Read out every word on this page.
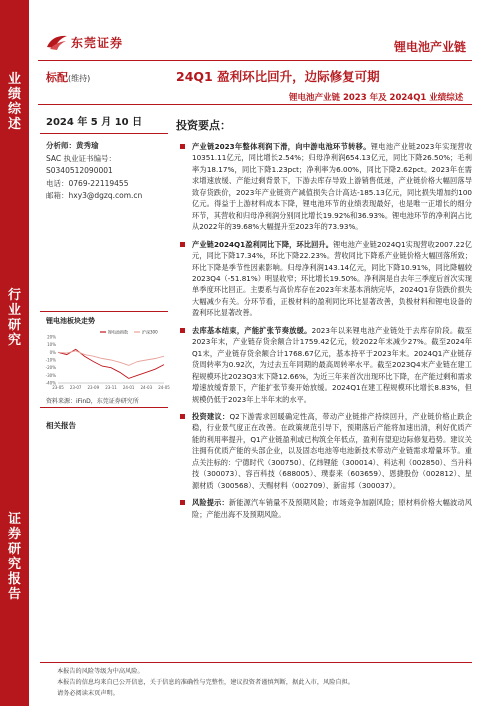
业
绩
综
述
行
业
研
究
证
券
研
究
报
告
东莞证券	锂电池产业链
标配(维持)	24Q1 盈利环比回升，边际修复可期
锂电池产业链 2023 年及 2024Q1 业绩综述
2024 年 5 月 10 日
分析师：黄秀瑜
SAC 执业证书编号：
S0340512090001
电话：0769-22119455
邮箱：hxy3@dgzq.com.cn
锂电池板块走势
20%
10%
0%
-10%
-20%
-30%
-40%
23-05 23-07 23-09 23-11 24-01 24-03 24-05
锂电池指数	沪深300
资料来源：iFinD，东莞证券研究所
相关报告
投资要点：
产业链2023年整体利润下滑，向中游电池环节转移。锂电池产业链2023年实现营收10351.11亿元，同比增长2.54%；归母净利润654.13亿元，同比下降26.50%；毛利率为18.17%，同比下降1.23pct；净利率为6.00%，同比下降2.62pct。2023年在需求增速放缓、产能过剩背景下，下游去库存导致上游销售低迷，产业链价格大幅回落导致存货跌价，2023年产业链资产减值损失合计高达-185.13亿元，同比损失增加约100亿元。得益于上游材料成本下降，锂电池环节的业绩表现最好，也是唯一正增长的细分环节，其营收和归母净利润分别同比增长19.92%和36.93%。锂电池环节的净利润占比从2022年的39.68%大幅提升至2023年的73.93%。
产业链2024Q1盈利同比下降，环比回升。锂电池产业链2024Q1实现营收2007.22亿元，同比下降17.34%，环比下降22.23%。营收同比下降系产业链价格大幅回落所致；环比下降是季节性因素影响。归母净利润143.14亿元，同比下降10.91%，同比降幅较2023Q4（-51.81%）明显收窄；环比增长19.50%。净利润是自去年三季度后首次实现单季度环比回正。主要系与高价库存在2023年末基本消纳完毕，2024Q1存货跌价损失大幅减少有关。分环节看，正极材料的盈利同比环比显著改善，负极材料和锂电设备的盈利环比显著改善。
去库基本结束，产能扩张节奏放缓。2023年以来锂电池产业链处于去库存阶段。截至2023年末，产业链存货余额合计1759.42亿元，较2022年末减少27%。截至2024年Q1末，产业链存货余额合计1768.67亿元，基本持平于2023年末。2024Q1产业链存货周转率为0.92次，为过去五年同期的最高周转率水平。截至2023Q4末产业链在建工程规模环比2023Q3末下降12.66%，为近三年来首次出现环比下降，在产能过剩和需求增速放缓背景下，产能扩张节奏开始放缓。2024Q1在建工程规模环比增长8.83%，但规模仍低于2023年上半年末的水平。
投资建议：Q2下游需求回暖确定性高，带动产业链排产持续回升，产业链价格止跌企稳，行业景气度正在改善。在政策规范引导下，预期落后产能将加速出清，利好优质产能的利用率提升，Q1产业链盈利或已构筑全年低点，盈利有望迎边际修复趋势。建议关注拥有优质产能的头部企业，以及固态电池等电池新技术带动产业链需求增量环节。重点关注标的：宁德时代（300750）、亿纬锂能（300014）、科达利（002850）、当升科技（300073）、容百科技（688005）、璞泰来（603659）、恩捷股份（002812）、星源材质（300568）、天赐材料（002709）、新宙邦（300037）。
风险提示：新能源汽车销量不及预期风险；市场竞争加剧风险；原材料价格大幅波动风险；产能出海不及预期风险。
本报告的风险等级为中高风险。
本报告的信息均来自已公开信息，关于信息的准确性与完整性，建议投资者谨慎判断，据此入市，风险自担。
请务必阅读末页声明。
